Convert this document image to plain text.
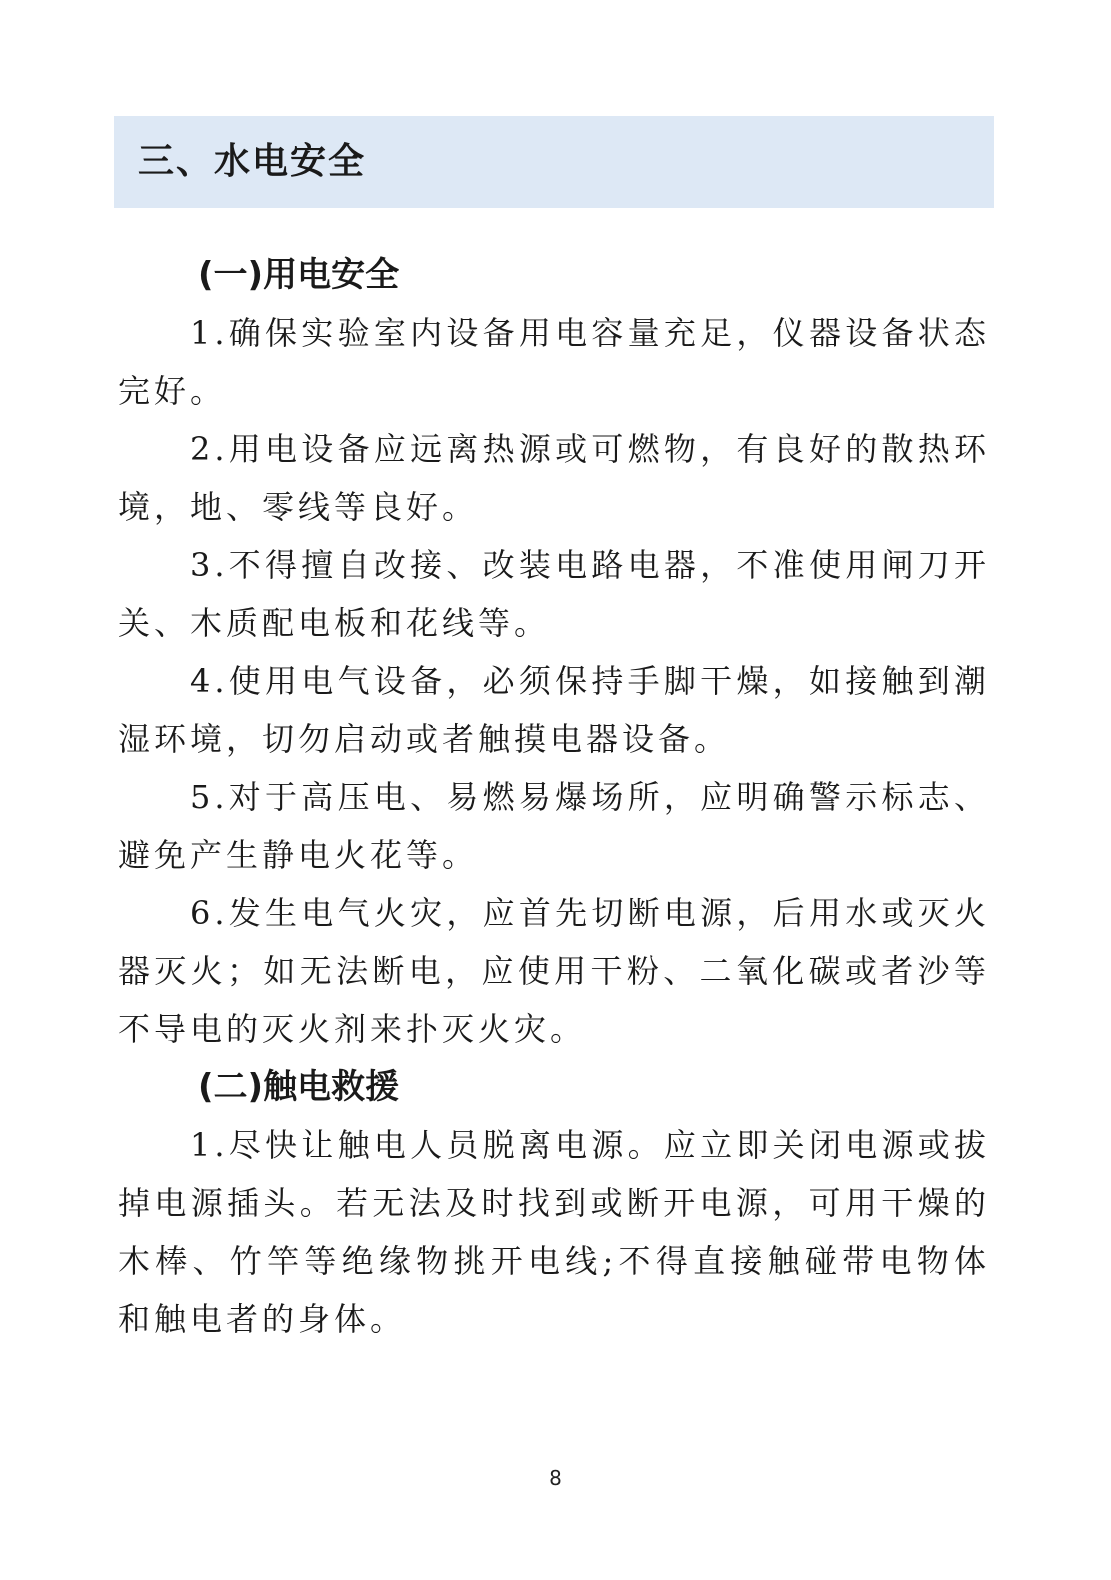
三、水电安全
(一)用电安全

1.确保实验室内设备用电容量充足，仪器设备状态完好。

2.用电设备应远离热源或可燃物，有良好的散热环境，地、零线等良好。

3.不得擅自改接、改装电路电器，不准使用闸刀开关、木质配电板和花线等。

4.使用电气设备，必须保持手脚干燥，如接触到潮湿环境，切勿启动或者触摸电器设备。

5.对于高压电、易燃易爆场所，应明确警示标志、避免产生静电火花等。

6.发生电气火灾，应首先切断电源，后用水或灭火器灭火；如无法断电，应使用干粉、二氧化碳或者沙等不导电的灭火剂来扑灭火灾。

(二)触电救援

1.尽快让触电人员脱离电源。应立即关闭电源或拔掉电源插头。若无法及时找到或断开电源，可用干燥的木棒、竹竿等绝缘物挑开电线;不得直接触碰带电物体和触电者的身体。

8
